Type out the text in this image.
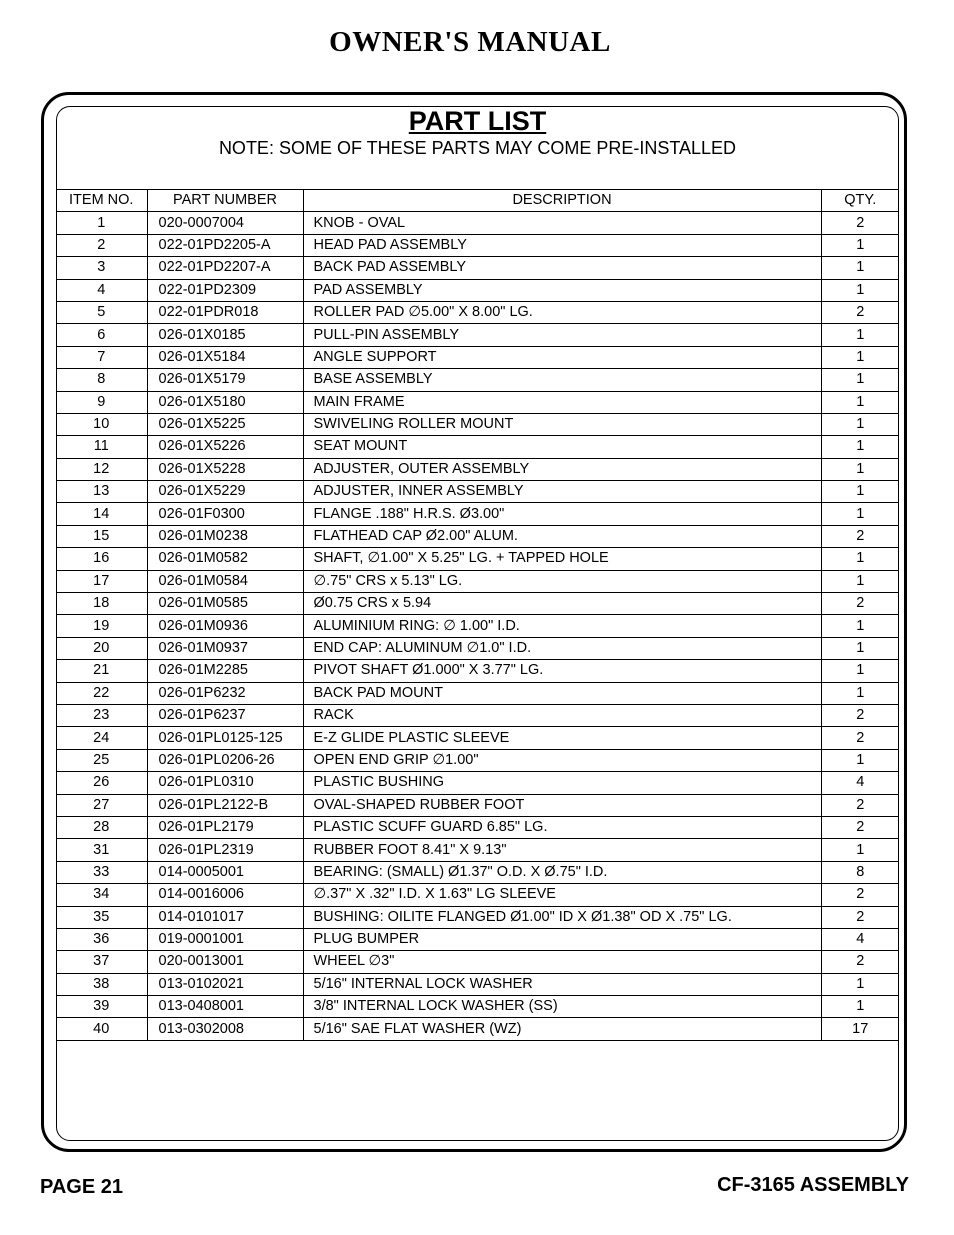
OWNER'S MANUAL
PART LIST
NOTE: SOME OF THESE PARTS MAY COME PRE-INSTALLED
ITEM NO.	PART NUMBER	DESCRIPTION	QTY.
1	020-0007004	KNOB - OVAL	2
2	022-01PD2205-A	HEAD PAD ASSEMBLY	1
3	022-01PD2207-A	BACK PAD ASSEMBLY	1
4	022-01PD2309	PAD ASSEMBLY	1
5	022-01PDR018	ROLLER PAD ∅5.00" X 8.00" LG.	2
6	026-01X0185	PULL-PIN ASSEMBLY	1
7	026-01X5184	ANGLE SUPPORT	1
8	026-01X5179	BASE ASSEMBLY	1
9	026-01X5180	MAIN FRAME	1
10	026-01X5225	SWIVELING ROLLER MOUNT	1
11	026-01X5226	SEAT MOUNT	1
12	026-01X5228	ADJUSTER, OUTER ASSEMBLY	1
13	026-01X5229	ADJUSTER, INNER ASSEMBLY	1
14	026-01F0300	FLANGE .188" H.R.S. Ø3.00"	1
15	026-01M0238	FLATHEAD CAP Ø2.00" ALUM.	2
16	026-01M0582	SHAFT, ∅1.00" X 5.25" LG. + TAPPED HOLE	1
17	026-01M0584	∅.75" CRS x 5.13" LG.	1
18	026-01M0585	Ø0.75 CRS x 5.94	2
19	026-01M0936	ALUMINIUM RING: ∅ 1.00" I.D.	1
20	026-01M0937	END CAP: ALUMINUM ∅1.0" I.D.	1
21	026-01M2285	PIVOT SHAFT Ø1.000" X 3.77" LG.	1
22	026-01P6232	BACK PAD MOUNT	1
23	026-01P6237	RACK	2
24	026-01PL0125-125	E-Z GLIDE PLASTIC SLEEVE	2
25	026-01PL0206-26	OPEN END GRIP ∅1.00"	1
26	026-01PL0310	PLASTIC BUSHING	4
27	026-01PL2122-B	OVAL-SHAPED RUBBER FOOT	2
28	026-01PL2179	PLASTIC SCUFF GUARD 6.85" LG.	2
31	026-01PL2319	RUBBER FOOT 8.41" X 9.13"	1
33	014-0005001	BEARING: (SMALL) Ø1.37" O.D. X Ø.75" I.D.	8
34	014-0016006	∅.37" X .32" I.D. X 1.63" LG SLEEVE	2
35	014-0101017	BUSHING: OILITE FLANGED Ø1.00" ID X Ø1.38" OD X .75" LG.	2
36	019-0001001	PLUG BUMPER	4
37	020-0013001	WHEEL ∅3"	2
38	013-0102021	5/16" INTERNAL LOCK WASHER	1
39	013-0408001	3/8" INTERNAL LOCK WASHER (SS)	1
40	013-0302008	5/16" SAE FLAT WASHER (WZ)	17

PAGE 21	CF-3165 ASSEMBLY
